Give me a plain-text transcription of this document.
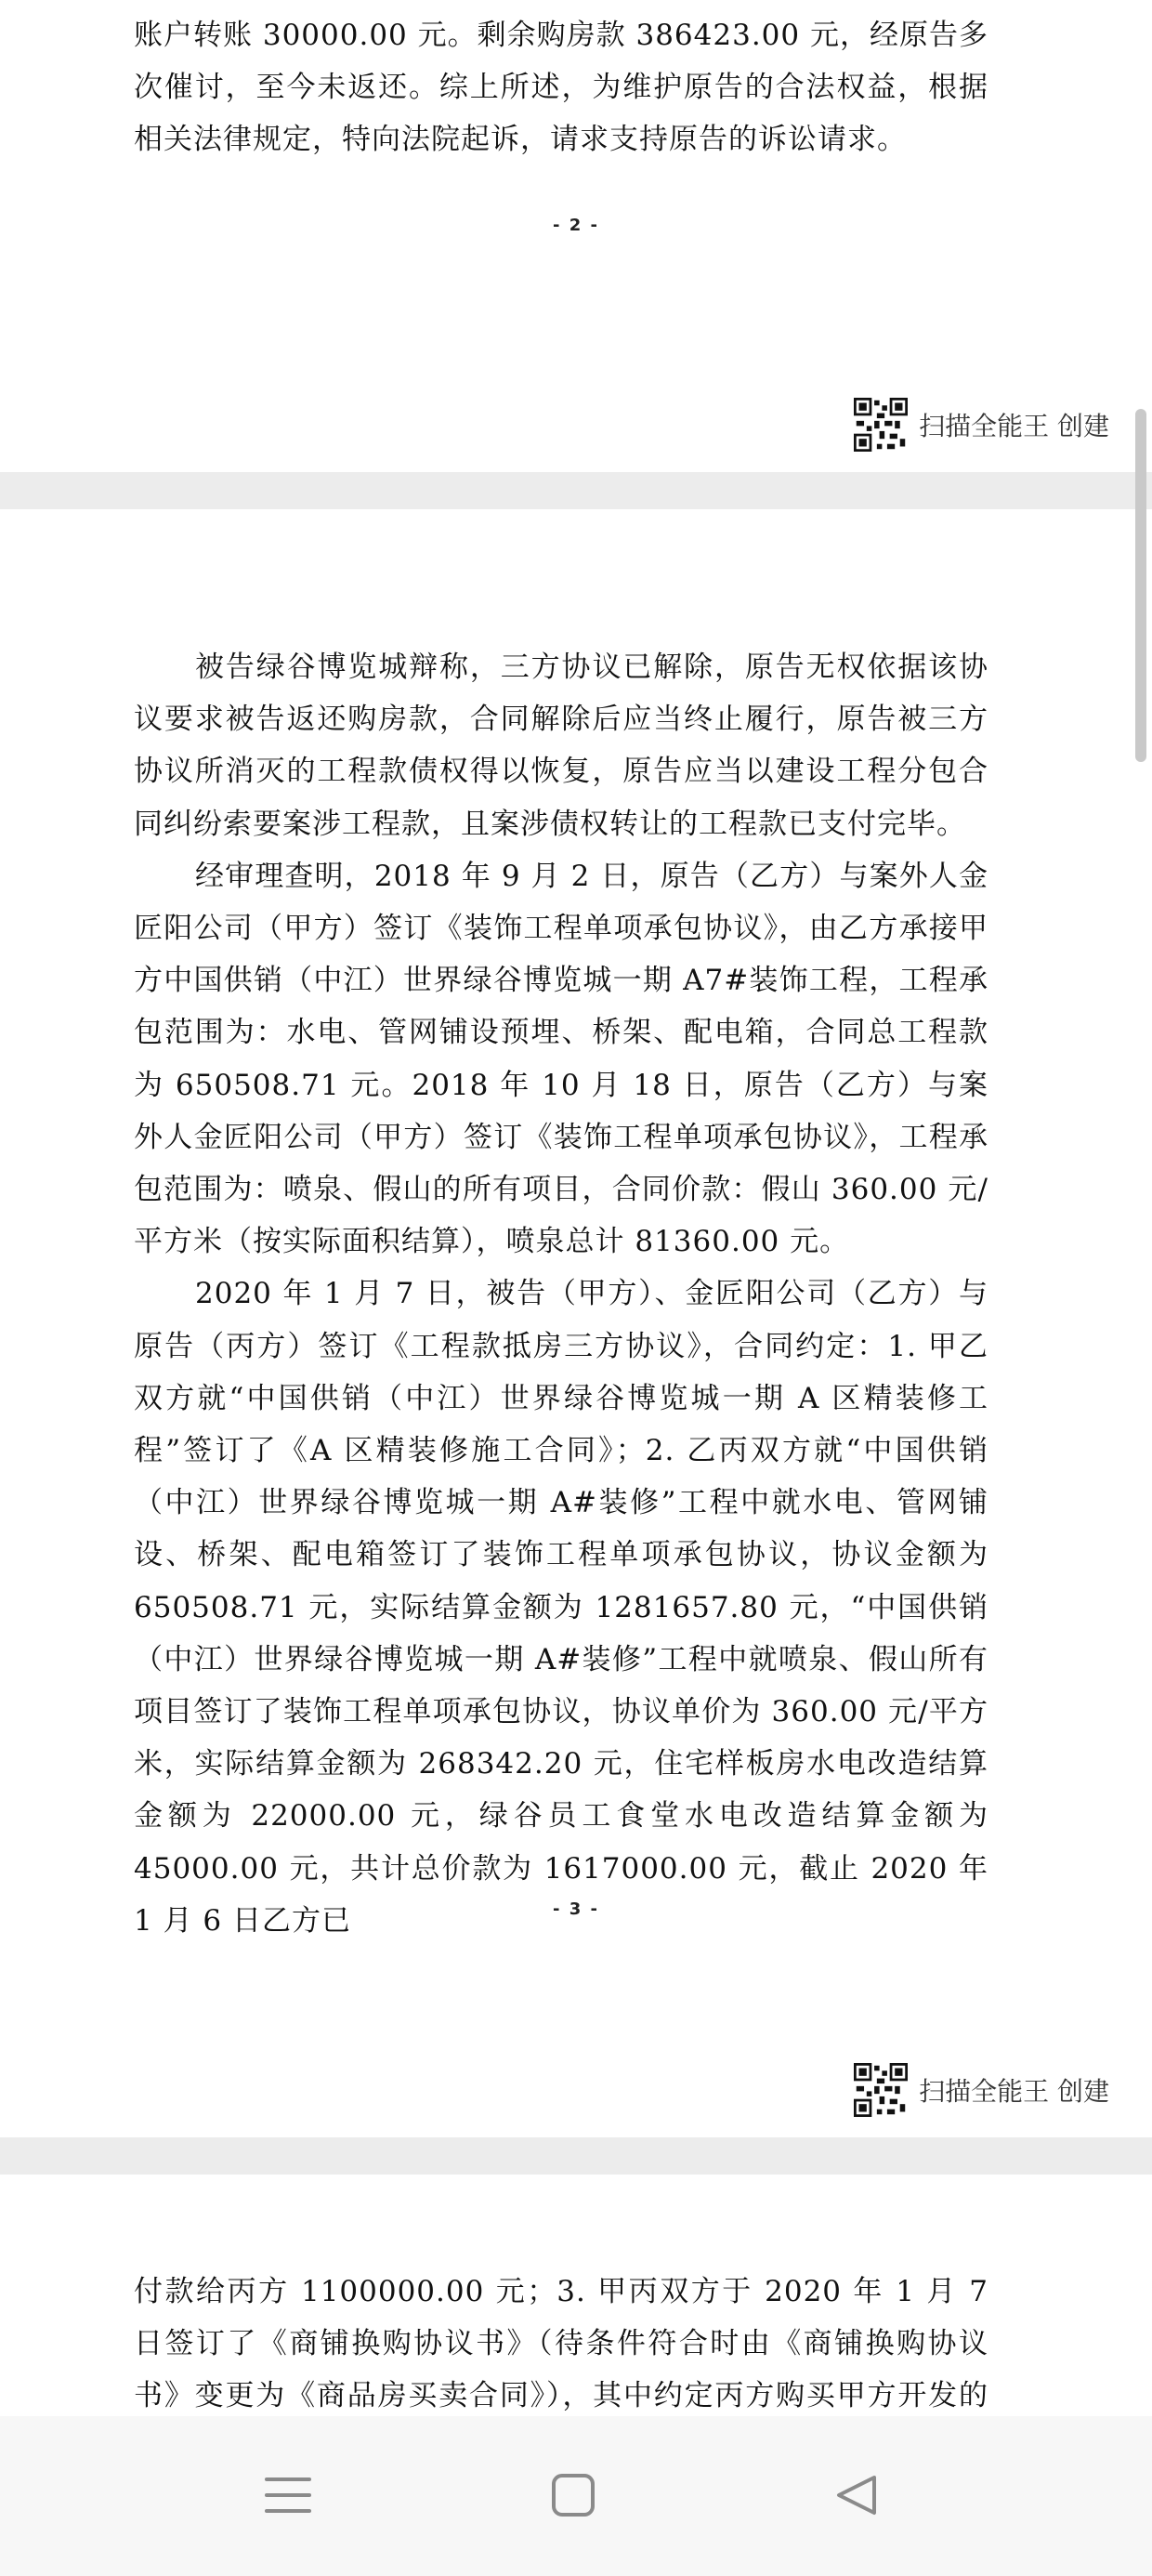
账户转账 30000.00 元。剩余购房款 386423.00 元，经原告多次催讨，至今未返还。综上所述，为维护原告的合法权益，根据相关法律规定，特向法院起诉，请求支持原告的诉讼请求。
- 2 -
扫描全能王 创建
被告绿谷博览城辩称，三方协议已解除，原告无权依据该协议要求被告返还购房款，合同解除后应当终止履行，原告被三方协议所消灭的工程款债权得以恢复，原告应当以建设工程分包合同纠纷索要案涉工程款，且案涉债权转让的工程款已支付完毕。
经审理查明，2018 年 9 月 2 日，原告（乙方）与案外人金匠阳公司（甲方）签订《装饰工程单项承包协议》，由乙方承接甲方中国供销（中江）世界绿谷博览城一期 A7#装饰工程，工程承包范围为：水电、管网铺设预埋、桥架、配电箱，合同总工程款为 650508.71 元。2018 年 10 月 18 日，原告（乙方）与案外人金匠阳公司（甲方）签订《装饰工程单项承包协议》，工程承包范围为：喷泉、假山的所有项目，合同价款：假山 360.00 元/平方米（按实际面积结算），喷泉总计 81360.00 元。
2020 年 1 月 7 日，被告（甲方）、金匠阳公司（乙方）与原告（丙方）签订《工程款抵房三方协议》，合同约定：1. 甲乙双方就“中国供销（中江）世界绿谷博览城一期 A 区精装修工程”签订了《A 区精装修施工合同》；2. 乙丙双方就“中国供销（中江）世界绿谷博览城一期 A#装修”工程中就水电、管网铺设、桥架、配电箱签订了装饰工程单项承包协议，协议金额为 650508.71 元，实际结算金额为 1281657.80 元，“中国供销（中江）世界绿谷博览城一期 A#装修”工程中就喷泉、假山所有项目签订了装饰工程单项承包协议，协议单价为 360.00 元/平方米，实际结算金额为 268342.20 元，住宅样板房水电改造结算金额为 22000.00 元，绿谷员工食堂水电改造结算金额为 45000.00 元，共计总价款为 1617000.00 元，截止 2020 年 1 月 6 日乙方已	- 3 -
扫描全能王 创建
付款给丙方 1100000.00 元；3. 甲丙双方于 2020 年 1 月 7 日签订了《商铺换购协议书》（待条件符合时由《商铺换购协议书》变更为《商品房买卖合同》），其中约定丙方购买甲方开发的
